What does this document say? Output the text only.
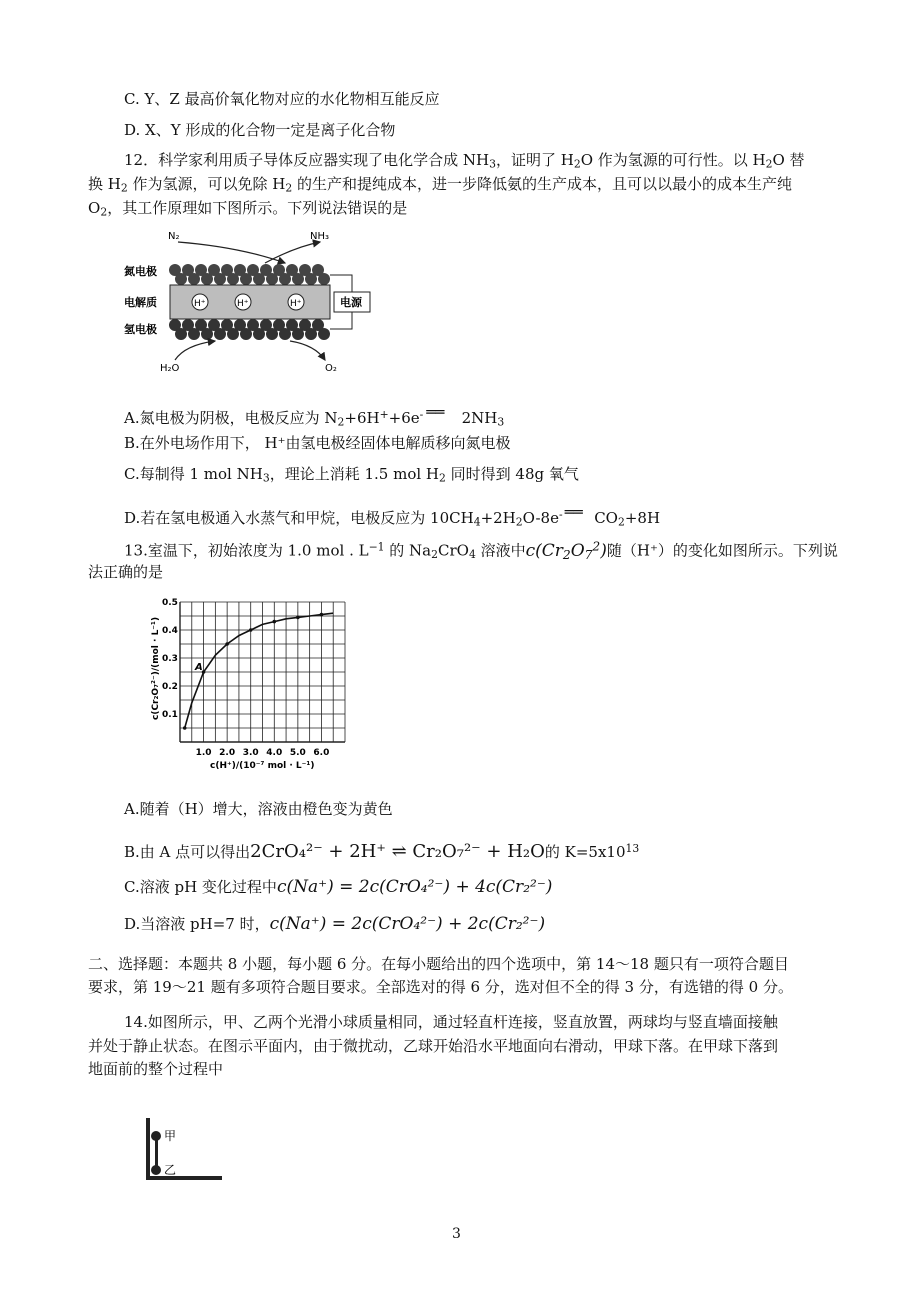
C. Y、Z 最高价氧化物对应的水化物相互能反应
D. X、Y 形成的化合物一定是离子化合物
12．科学家利用质子导体反应器实现了电化学合成 $NH_3$，证明了 $H_2O$ 作为氢源的可行性。以 $H_2O$ 替
换 $H_2$ 作为氢源，可以免除 $H_2$ 的生产和提纯成本，进一步降低氨的生产成本，且可以以最小的成本生产纯
$O_2$，其工作原理如下图所示。下列说法错误的是
N₂	NH₃
H⁺	H⁺	H⁺
氮电极
电解质
氢电极
电源
H₂O	O₂
A.氮电极为阴极，电极反应为 $N_2+6H^++6e^-$ ══ $2NH_3$
B.在外电场作用下， H⁺由氢电极经固体电解质移向氮电极
C.每制得 1 mol $NH_3$，理论上消耗 1.5 mol $H_2$ 同时得到 48g 氧气
D.若在氢电极通入水蒸气和甲烷，电极反应为 $10CH_4+2H_2O-8e^-$ ══ $CO_2+8H$
13.室温下，初始浓度为 1.0 mol . $L^{-1}$ 的 $Na_2CrO_4$ 溶液中$c(Cr_2O_7^2)$随（H⁺）的变化如图所示。下列说
法正确的是
1.0 2.0 3.0 4.0 5.0 6.0
0.1
0.2
0.3
0.4
0.5
A
c(Cr₂O₇²⁻)/(mol · L⁻¹)
c(H⁺)/(10⁻⁷ mol · L⁻¹)
A.随着（H）增大，溶液由橙色变为黄色
B.由 A 点可以得出2CrO₄²⁻ + 2H⁺ ⇌ Cr₂O₇²⁻ + H₂O的 $K=5x10^{13}$
C.溶液 pH 变化过程中c(Na⁺) = 2c(CrO₄²⁻) + 4c(Cr₂²⁻)
D.当溶液 pH=7 时，c(Na⁺) = 2c(CrO₄²⁻) + 2c(Cr₂²⁻)
二、选择题：本题共 8 小题，每小题 6 分。在每小题给出的四个选项中，第 14～18 题只有一项符合题目
要求，第 19～21 题有多项符合题目要求。全部选对的得 6 分，选对但不全的得 3 分，有选错的得 0 分。
14.如图所示，甲、乙两个光滑小球质量相同，通过轻直杆连接，竖直放置，两球均与竖直墙面接触
并处于静止状态。在图示平面内，由于微扰动，乙球开始沿水平地面向右滑动，甲球下落。在甲球下落到
地面前的整个过程中
甲
乙
3
